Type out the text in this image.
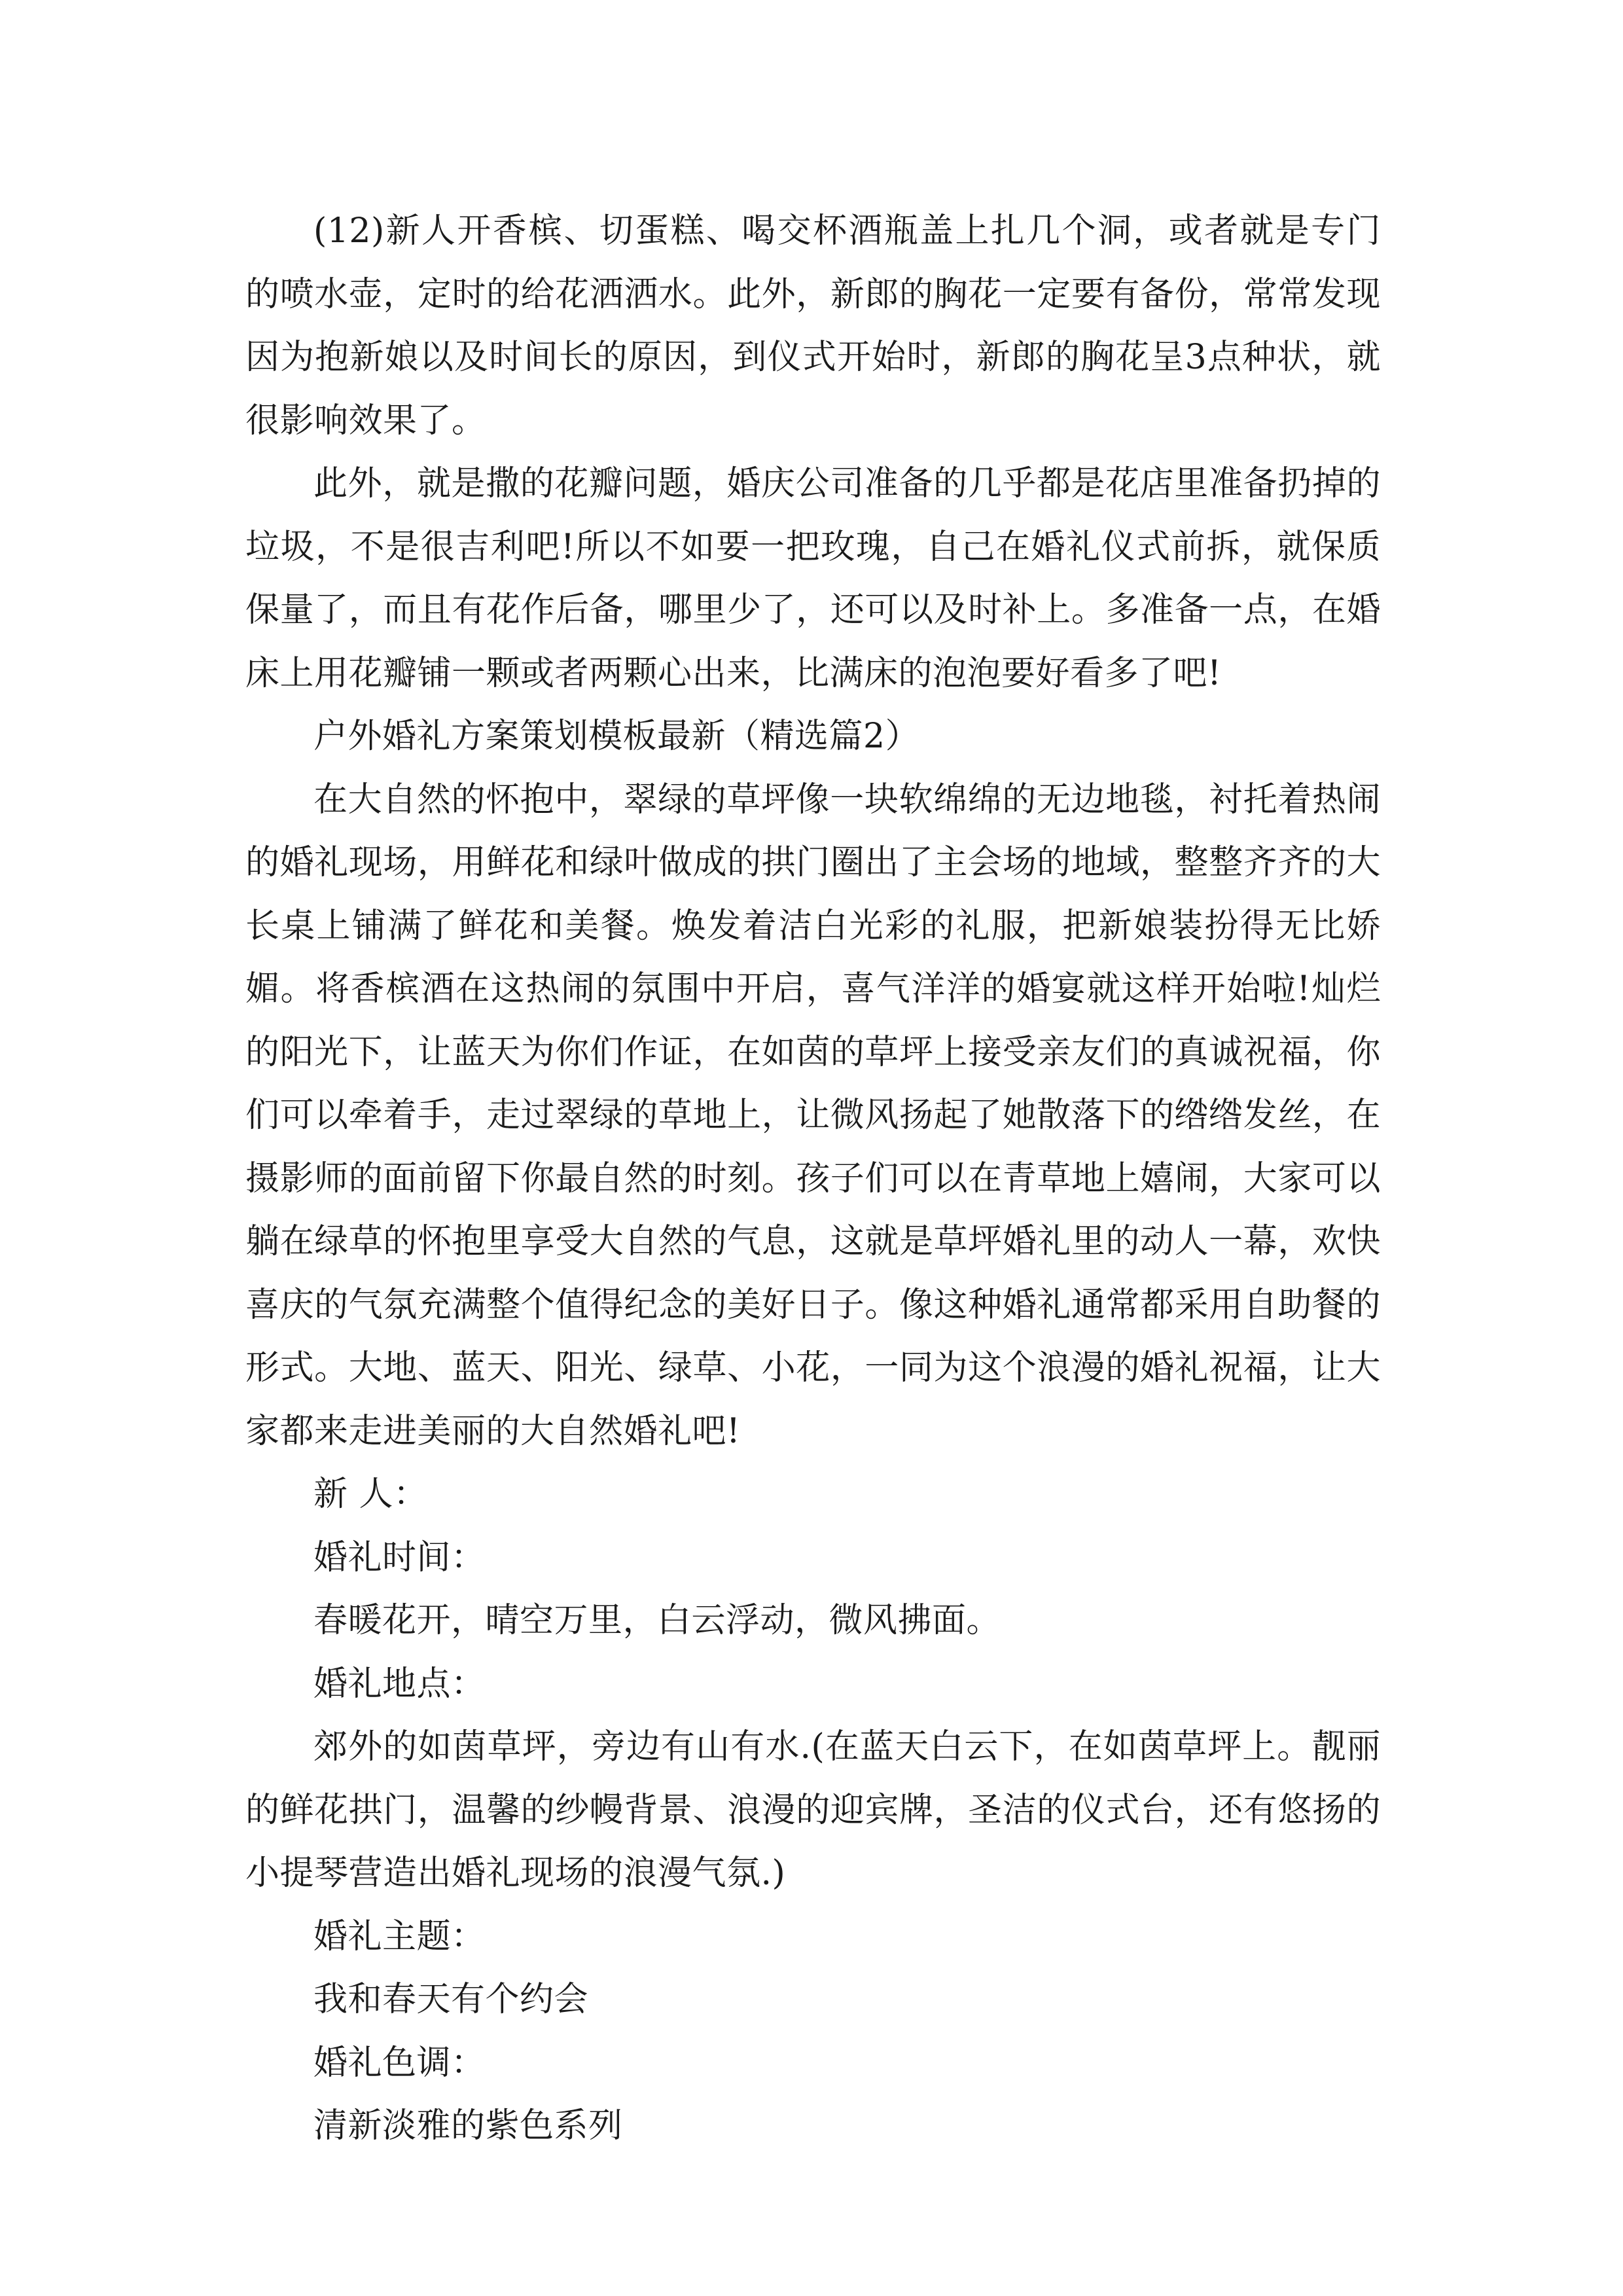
(12)新人开香槟、切蛋糕、喝交杯酒瓶盖上扎几个洞，或者就是专门的喷水壶，定时的给花洒洒水。此外，新郎的胸花一定要有备份，常常发现因为抱新娘以及时间长的原因，到仪式开始时，新郎的胸花呈3点种状，就很影响效果了。

此外，就是撒的花瓣问题，婚庆公司准备的几乎都是花店里准备扔掉的垃圾，不是很吉利吧!所以不如要一把玫瑰，自己在婚礼仪式前拆，就保质保量了，而且有花作后备，哪里少了，还可以及时补上。多准备一点，在婚床上用花瓣铺一颗或者两颗心出来，比满床的泡泡要好看多了吧!

户外婚礼方案策划模板最新（精选篇2）

在大自然的怀抱中，翠绿的草坪像一块软绵绵的无边地毯，衬托着热闹的婚礼现场，用鲜花和绿叶做成的拱门圈出了主会场的地域，整整齐齐的大长桌上铺满了鲜花和美餐。焕发着洁白光彩的礼服，把新娘装扮得无比娇媚。将香槟酒在这热闹的氛围中开启，喜气洋洋的婚宴就这样开始啦!灿烂的阳光下，让蓝天为你们作证，在如茵的草坪上接受亲友们的真诚祝福，你们可以牵着手，走过翠绿的草地上，让微风扬起了她散落下的绺绺发丝，在摄影师的面前留下你最自然的时刻。孩子们可以在青草地上嬉闹，大家可以躺在绿草的怀抱里享受大自然的气息，这就是草坪婚礼里的动人一幕，欢快喜庆的气氛充满整个值得纪念的美好日子。像这种婚礼通常都采用自助餐的形式。大地、蓝天、阳光、绿草、小花，一同为这个浪漫的婚礼祝福，让大家都来走进美丽的大自然婚礼吧!

新 人：

婚礼时间：

春暖花开，晴空万里，白云浮动，微风拂面。

婚礼地点：

郊外的如茵草坪，旁边有山有水.(在蓝天白云下，在如茵草坪上。靓丽的鲜花拱门，温馨的纱幔背景、浪漫的迎宾牌，圣洁的仪式台，还有悠扬的小提琴营造出婚礼现场的浪漫气氛.)

婚礼主题：

我和春天有个约会

婚礼色调：

清新淡雅的紫色系列
